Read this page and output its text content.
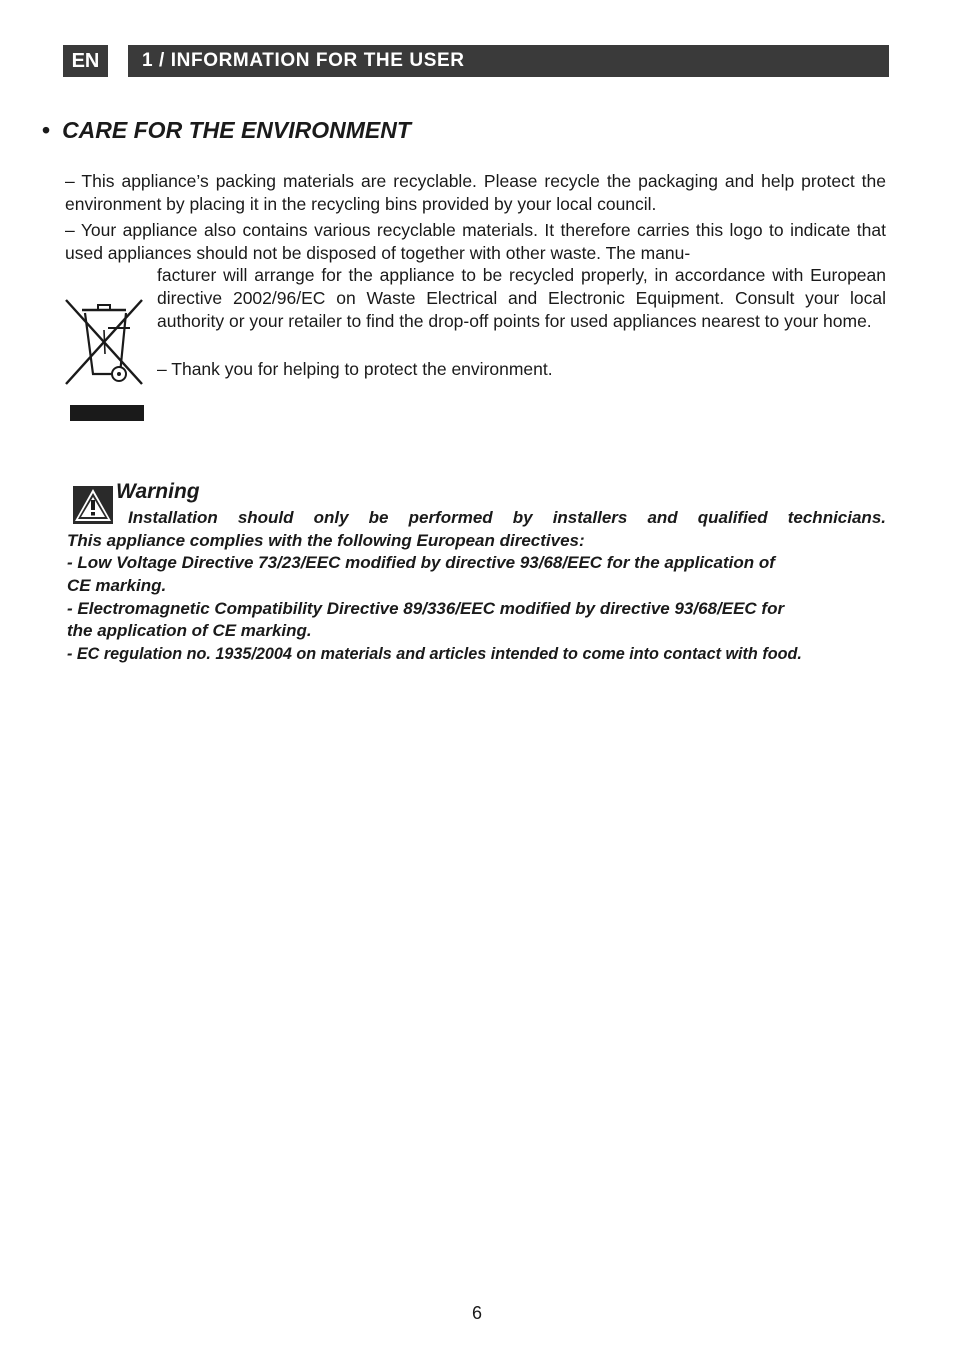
EN	1 / INFORMATION FOR THE USER
• CARE FOR THE ENVIRONMENT
– This appliance’s packing materials are recyclable. Please recycle the packaging and help protect the environment by placing it in the recycling bins provided by your local council.
– Your appliance also contains various recyclable materials. It therefore carries this logo to indicate that used appliances should not be disposed of together with other waste. The manu-
facturer will arrange for the appliance to be recycled properly, in accordance with European directive 2002/96/EC on Waste Electrical and Electronic Equipment. Consult your local authority or your retailer to find the drop-off points for used appliances nearest to your home.
– Thank you for helping to protect the environment.
Warning
Installation should only be performed by installers and qualified technicians.
This appliance complies with the following European directives:
- Low Voltage Directive 73/23/EEC modified by directive 93/68/EEC for the application of
CE marking.
- Electromagnetic Compatibility Directive 89/336/EEC modified by directive 93/68/EEC for
the application of CE marking.
- EC regulation no. 1935/2004 on materials and articles intended to come into contact with food.
6
